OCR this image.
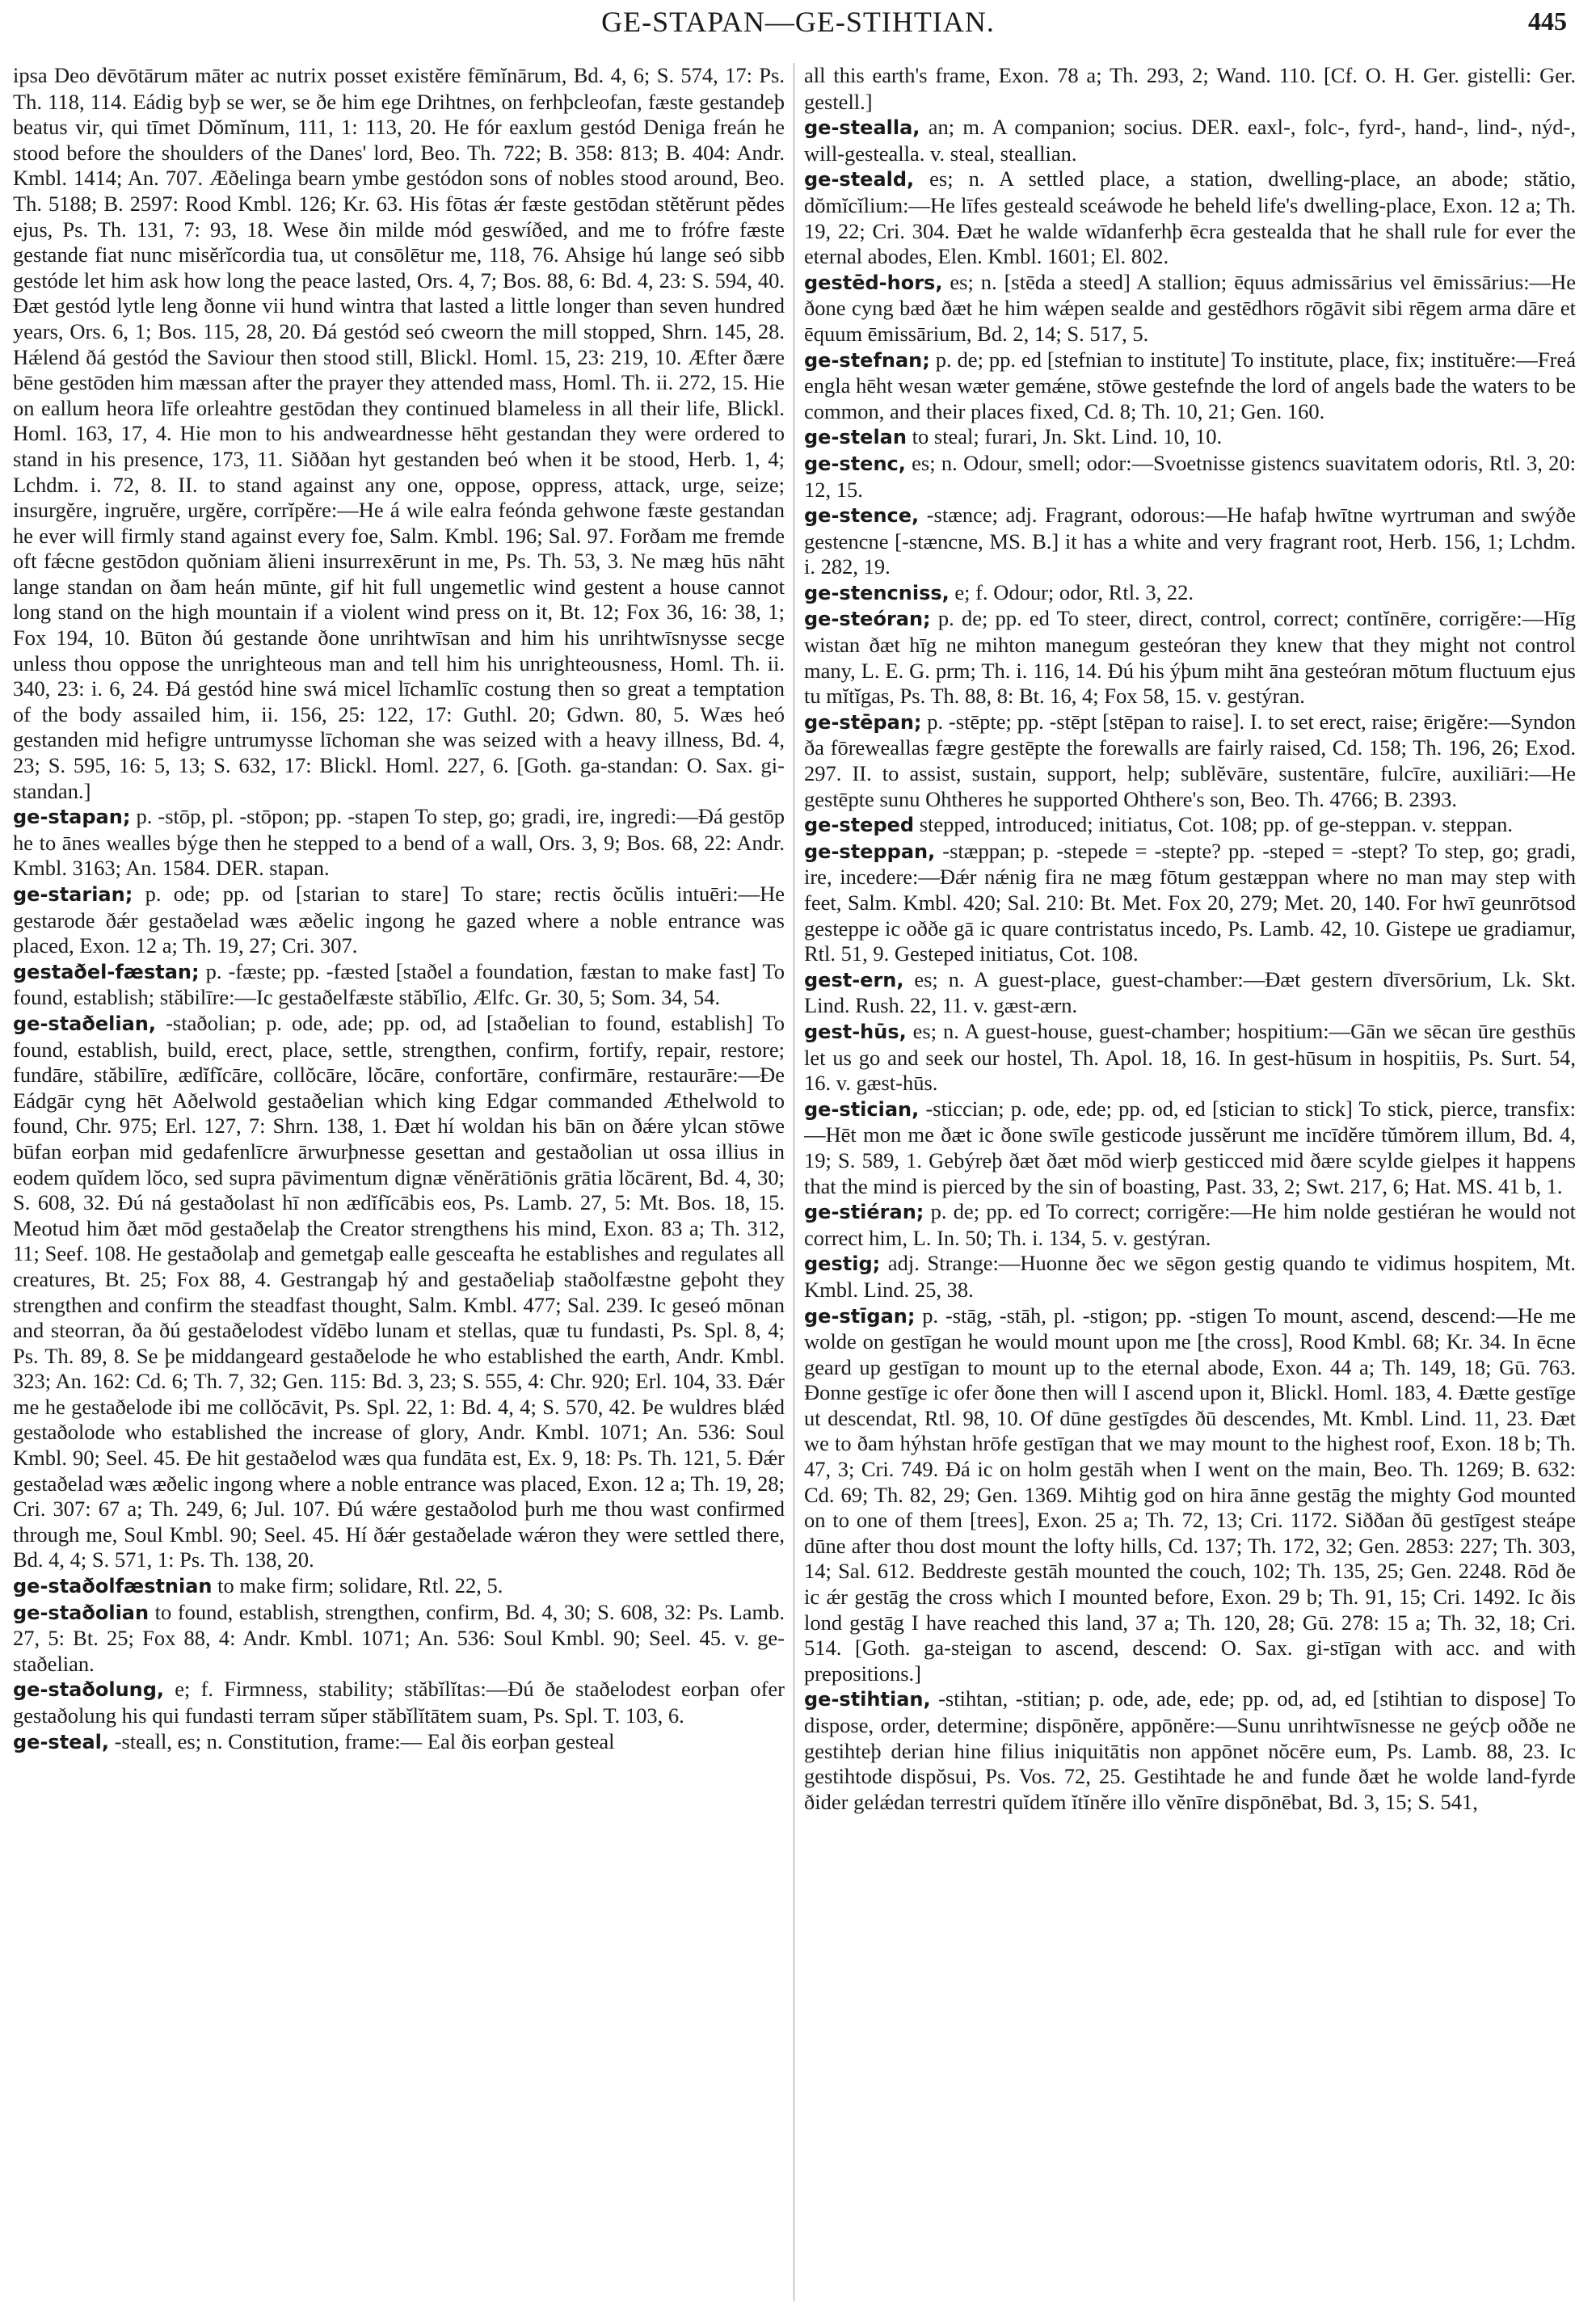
GE-STAPAN—GE-STIHTIAN.	445

ipsa Deo dēvōtārum māter ac nutrix posset existĕre fēmĭnārum, Bd. 4, 6; S. 574, 17: Ps. Th. 118, 114. Eádig byþ se wer, se ðe him ege Drihtnes, on ferhþcleofan, fæste gestandeþ beatus vir, qui tīmet Dŏmĭnum, 111, 1: 113, 20. He fór eaxlum gestód Deniga freán he stood before the shoulders of the Danes' lord, Beo. Th. 722; B. 358: 813; B. 404: Andr. Kmbl. 1414; An. 707. Æðelinga bearn ymbe gestódon sons of nobles stood around, Beo. Th. 5188; B. 2597: Rood Kmbl. 126; Kr. 63. His fōtas ǽr fæste gestōdan stĕtĕrunt pĕdes ejus, Ps. Th. 131, 7: 93, 18. Wese ðin milde mód geswíðed, and me to frófre fæste gestande fiat nunc misĕrĭcordia tua, ut consōlētur me, 118, 76. Ahsige hú lange seó sibb gestóde let him ask how long the peace lasted, Ors. 4, 7; Bos. 88, 6: Bd. 4, 23: S. 594, 40. Ðæt gestód lytle leng ðonne vii hund wintra that lasted a little longer than seven hundred years, Ors. 6, 1; Bos. 115, 28, 20. Ðá gestód seó cweorn the mill stopped, Shrn. 145, 28. Hǽlend ðá gestód the Saviour then stood still, Blickl. Homl. 15, 23: 219, 10. Æfter ðære bēne gestōden him mæssan after the prayer they attended mass, Homl. Th. ii. 272, 15. Hie on eallum heora līfe orleahtre gestōdan they continued blameless in all their life, Blickl. Homl. 163, 17, 4. Hie mon to his andweardnesse hēht gestandan they were ordered to stand in his presence, 173, 11. Siððan hyt gestanden beó when it be stood, Herb. 1, 4; Lchdm. i. 72, 8. II. to stand against any one, oppose, oppress, attack, urge, seize; insurgĕre, ingruĕre, urgĕre, corrĭpĕre:—He á wile ealra feónda gehwone fæste gestandan he ever will firmly stand against every foe, Salm. Kmbl. 196; Sal. 97. Forðam me fremde oft fǽcne gestōdon quŏniam ălieni insurrexērunt in me, Ps. Th. 53, 3. Ne mæg hūs nāht lange standan on ðam heán mūnte, gif hit full ungemetlic wind gestent a house cannot long stand on the high mountain if a violent wind press on it, Bt. 12; Fox 36, 16: 38, 1; Fox 194, 10. Būton ðú gestande ðone unrihtwīsan and him his unrihtwīsnysse secge unless thou oppose the unrighteous man and tell him his unrighteousness, Homl. Th. ii. 340, 23: i. 6, 24. Ðá gestód hine swá micel līchamlīc costung then so great a temptation of the body assailed him, ii. 156, 25: 122, 17: Guthl. 20; Gdwn. 80, 5. Wæs heó gestanden mid hefigre untrumysse līchoman she was seized with a heavy illness, Bd. 4, 23; S. 595, 16: 5, 13; S. 632, 17: Blickl. Homl. 227, 6. [Goth. ga-standan: O. Sax. gi-standan.]

ge-stapan; p. -stōp, pl. -stōpon; pp. -stapen To step, go; gradi, ire, ingredi:—Ðá gestōp he to ānes wealles býge then he stepped to a bend of a wall, Ors. 3, 9; Bos. 68, 22: Andr. Kmbl. 3163; An. 1584. DER. stapan.

ge-starian; p. ode; pp. od [starian to stare] To stare; rectis ŏcŭlis intuēri:—He gestarode ðǽr gestaðelad wæs æðelic ingong he gazed where a noble entrance was placed, Exon. 12 a; Th. 19, 27; Cri. 307.

gestaðel-fæstan; p. -fæste; pp. -fæsted [staðel a foundation, fæstan to make fast] To found, establish; stăbilīre:—Ic gestaðelfæste stăbĭlio, Ælfc. Gr. 30, 5; Som. 34, 54.

ge-staðelian, -staðolian; p. ode, ade; pp. od, ad [staðelian to found, establish] To found, establish, build, erect, place, settle, strengthen, confirm, fortify, repair, restore; fundāre, stăbilīre, ædĭfĭcāre, collŏcāre, lŏcāre, confortāre, confirmāre, restaurāre:—Ðe Eádgār cyng hēt Aðelwold gestaðelian which king Edgar commanded Æthelwold to found, Chr. 975; Erl. 127, 7: Shrn. 138, 1. Ðæt hí woldan his bān on ðǽre ylcan stōwe būfan eorþan mid gedafenlīcre ārwurþnesse gesettan and gestaðolian ut ossa illius in eodem quĭdem lŏco, sed supra pāvimentum dignæ vĕnĕrātiōnis grātia lŏcārent, Bd. 4, 30; S. 608, 32. Ðú ná gestaðolast hī non ædĭfĭcābis eos, Ps. Lamb. 27, 5: Mt. Bos. 18, 15. Meotud him ðæt mōd gestaðelaþ the Creator strengthens his mind, Exon. 83 a; Th. 312, 11; Seef. 108. He gestaðolaþ and gemetgaþ ealle gesceafta he establishes and regulates all creatures, Bt. 25; Fox 88, 4. Gestrangaþ hý and gestaðeliaþ staðolfæstne geþoht they strengthen and confirm the steadfast thought, Salm. Kmbl. 477; Sal. 239. Ic geseó mōnan and steorran, ða ðú gestaðelodest vĭdēbo lunam et stellas, quæ tu fundasti, Ps. Spl. 8, 4; Ps. Th. 89, 8. Se þe middangeard gestaðelode he who established the earth, Andr. Kmbl. 323; An. 162: Cd. 6; Th. 7, 32; Gen. 115: Bd. 3, 23; S. 555, 4: Chr. 920; Erl. 104, 33. Ðǽr me he gestaðelode ibi me collŏcāvit, Ps. Spl. 22, 1: Bd. 4, 4; S. 570, 42. Þe wuldres blǽd gestaðolode who established the increase of glory, Andr. Kmbl. 1071; An. 536: Soul Kmbl. 90; Seel. 45. Ðe hit gestaðelod wæs qua fundāta est, Ex. 9, 18: Ps. Th. 121, 5. Ðǽr gestaðelad wæs æðelic ingong where a noble entrance was placed, Exon. 12 a; Th. 19, 28; Cri. 307: 67 a; Th. 249, 6; Jul. 107. Ðú wǽre gestaðolod þurh me thou wast confirmed through me, Soul Kmbl. 90; Seel. 45. Hí ðǽr gestaðelade wǽron they were settled there, Bd. 4, 4; S. 571, 1: Ps. Th. 138, 20.

ge-staðolfæstnian to make firm; solidare, Rtl. 22, 5.

ge-staðolian to found, establish, strengthen, confirm, Bd. 4, 30; S. 608, 32: Ps. Lamb. 27, 5: Bt. 25; Fox 88, 4: Andr. Kmbl. 1071; An. 536: Soul Kmbl. 90; Seel. 45. v. ge-staðelian.

ge-staðolung, e; f. Firmness, stability; stăbĭlĭtas:—Ðú ðe staðelodest eorþan ofer gestaðolung his qui fundasti terram sŭper stăbĭlĭtātem suam, Ps. Spl. T. 103, 6.

ge-steal, -steall, es; n. Constitution, frame:— Eal ðis eorþan gesteal

all this earth's frame, Exon. 78 a; Th. 293, 2; Wand. 110. [Cf. O. H. Ger. gistelli: Ger. gestell.]

ge-stealla, an; m. A companion; socius. DER. eaxl-, folc-, fyrd-, hand-, lind-, nýd-, will-gestealla. v. steal, steallian.

ge-steald, es; n. A settled place, a station, dwelling-place, an abode; stătio, dŏmĭcĭlium:—He līfes gesteald sceáwode he beheld life's dwelling-place, Exon. 12 a; Th. 19, 22; Cri. 304. Ðæt he walde wīdanferhþ ēcra gestealda that he shall rule for ever the eternal abodes, Elen. Kmbl. 1601; El. 802.

gestēd-hors, es; n. [stēda a steed] A stallion; ēquus admissārius vel ēmissārius:—He ðone cyng bæd ðæt he him wǽpen sealde and gestēdhors rōgāvit sibi rēgem arma dāre et ēquum ēmissārium, Bd. 2, 14; S. 517, 5.

ge-stefnan; p. de; pp. ed [stefnian to institute] To institute, place, fix; instituĕre:—Freá engla hēht wesan wæter gemǽne, stōwe gestefnde the lord of angels bade the waters to be common, and their places fixed, Cd. 8; Th. 10, 21; Gen. 160.

ge-stelan to steal; furari, Jn. Skt. Lind. 10, 10.

ge-stenc, es; n. Odour, smell; odor:—Svoetnisse gistencs suavitatem odoris, Rtl. 3, 20: 12, 15.

ge-stence, -stænce; adj. Fragrant, odorous:—He hafaþ hwītne wyrtruman and swýðe gestencne [-stæncne, MS. B.] it has a white and very fragrant root, Herb. 156, 1; Lchdm. i. 282, 19.

ge-stencniss, e; f. Odour; odor, Rtl. 3, 22.

ge-steóran; p. de; pp. ed To steer, direct, control, correct; contĭnēre, corrigĕre:—Hīg wistan ðæt hīg ne mihton manegum gesteóran they knew that they might not control many, L. E. G. prm; Th. i. 116, 14. Ðú his ýþum miht āna gesteóran mōtum fluctuum ejus tu mĭtĭgas, Ps. Th. 88, 8: Bt. 16, 4; Fox 58, 15. v. gestýran.

ge-stēpan; p. -stēpte; pp. -stēpt [stēpan to raise]. I. to set erect, raise; ērigĕre:—Syndon ða fōreweallas fægre gestēpte the forewalls are fairly raised, Cd. 158; Th. 196, 26; Exod. 297. II. to assist, sustain, support, help; sublĕvāre, sustentāre, fulcīre, auxiliāri:—He gestēpte sunu Ohtheres he supported Ohthere's son, Beo. Th. 4766; B. 2393.

ge-steped stepped, introduced; initiatus, Cot. 108; pp. of ge-steppan. v. steppan.

ge-steppan, -stæppan; p. -stepede = -stepte? pp. -steped = -stept? To step, go; gradi, ire, incedere:—Ðǽr nǽnig fira ne mæg fōtum gestæppan where no man may step with feet, Salm. Kmbl. 420; Sal. 210: Bt. Met. Fox 20, 279; Met. 20, 140. For hwī geunrōtsod gesteppe ic oððe gā ic quare contristatus incedo, Ps. Lamb. 42, 10. Gistepe ue gradiamur, Rtl. 51, 9. Gesteped initiatus, Cot. 108.

gest-ern, es; n. A guest-place, guest-chamber:—Ðæt gestern dīversōrium, Lk. Skt. Lind. Rush. 22, 11. v. gæst-ærn.

gest-hūs, es; n. A guest-house, guest-chamber; hospitium:—Gān we sēcan ūre gesthūs let us go and seek our hostel, Th. Apol. 18, 16. In gest-hūsum in hospitiis, Ps. Surt. 54, 16. v. gæst-hūs.

ge-stician, -sticcian; p. ode, ede; pp. od, ed [stician to stick] To stick, pierce, transfix:—Hēt mon me ðæt ic ðone swīle gesticode jussĕrunt me incīdĕre tŭmŏrem illum, Bd. 4, 19; S. 589, 1. Gebýreþ ðæt ðæt mōd wierþ gesticced mid ðære scylde gielpes it happens that the mind is pierced by the sin of boasting, Past. 33, 2; Swt. 217, 6; Hat. MS. 41 b, 1.

ge-stiéran; p. de; pp. ed To correct; corrigĕre:—He him nolde gestiéran he would not correct him, L. In. 50; Th. i. 134, 5. v. gestýran.

gestig; adj. Strange:—Huonne ðec we sēgon gestig quando te vidimus hospitem, Mt. Kmbl. Lind. 25, 38.

ge-stīgan; p. -stāg, -stāh, pl. -stigon; pp. -stigen To mount, ascend, descend:—He me wolde on gestīgan he would mount upon me [the cross], Rood Kmbl. 68; Kr. 34. In ēcne geard up gestīgan to mount up to the eternal abode, Exon. 44 a; Th. 149, 18; Gū. 763. Ðonne gestīge ic ofer ðone then will I ascend upon it, Blickl. Homl. 183, 4. Ðætte gestīge ut descendat, Rtl. 98, 10. Of dūne gestīgdes ðū descendes, Mt. Kmbl. Lind. 11, 23. Ðæt we to ðam hýhstan hrōfe gestīgan that we may mount to the highest roof, Exon. 18 b; Th. 47, 3; Cri. 749. Ðá ic on holm gestāh when I went on the main, Beo. Th. 1269; B. 632: Cd. 69; Th. 82, 29; Gen. 1369. Mihtig god on hira ānne gestāg the mighty God mounted on to one of them [trees], Exon. 25 a; Th. 72, 13; Cri. 1172. Siððan ðū gestīgest steápe dūne after thou dost mount the lofty hills, Cd. 137; Th. 172, 32; Gen. 2853: 227; Th. 303, 14; Sal. 612. Beddreste gestāh mounted the couch, 102; Th. 135, 25; Gen. 2248. Rōd ðe ic ǽr gestāg the cross which I mounted before, Exon. 29 b; Th. 91, 15; Cri. 1492. Ic ðis lond gestāg I have reached this land, 37 a; Th. 120, 28; Gū. 278: 15 a; Th. 32, 18; Cri. 514. [Goth. ga-steigan to ascend, descend: O. Sax. gi-stīgan with acc. and with prepositions.]

ge-stihtian, -stihtan, -stitian; p. ode, ade, ede; pp. od, ad, ed [stihtian to dispose] To dispose, order, determine; dispōnĕre, appōnĕre:—Sunu unrihtwīsnesse ne geýcþ oððe ne gestihteþ derian hine filius iniquitātis non appōnet nŏcēre eum, Ps. Lamb. 88, 23. Ic gestihtode dispŏsui, Ps. Vos. 72, 25. Gestihtade he and funde ðæt he wolde land-fyrde ðider gelǽdan terrestri quĭdem ĭtĭnĕre illo vĕnīre dispōnēbat, Bd. 3, 15; S. 541,
